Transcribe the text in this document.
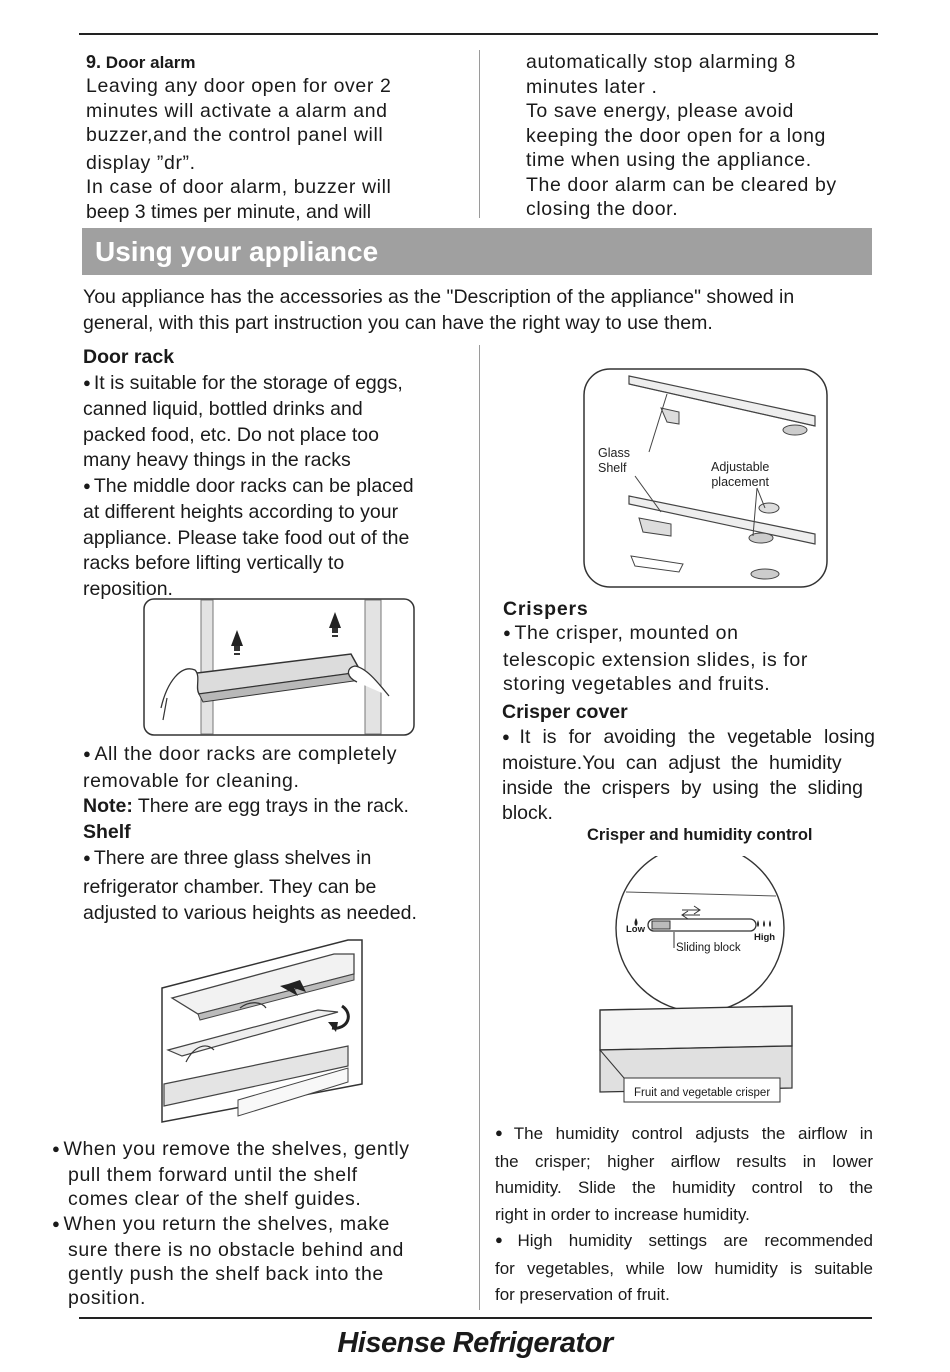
9. Door alarm
Leaving any door open for over 2
minutes will activate a alarm and
buzzer,and the control panel will
display ”dr”.
In case of door alarm, buzzer will
beep 3 times per minute, and will
automatically stop alarming 8
minutes later .
To save energy, please avoid
keeping the door open for a long
time when using the appliance.
The door alarm can be cleared by
closing the door.
Using your appliance
You appliance has the accessories as the "Description of the appliance" showed in
general, with this part instruction you can have the right way to use them.
Door rack
● It is suitable for the storage of eggs,
canned liquid, bottled drinks and
packed food, etc. Do not place too
many heavy things in the racks
● The middle door racks can be placed
at different heights according to your
appliance. Please take food out of the
racks before lifting vertically to
reposition.
● All the door racks are completely
removable for cleaning.
Note: There are egg trays in the rack.
Shelf
● There are three glass shelves in
refrigerator chamber. They can be
adjusted to various heights as needed.
● When you remove the shelves, gently
pull them forward until the shelf
comes clear of the shelf guides.
● When you return the shelves, make
sure there is no obstacle behind and
gently push the shelf back into the
position.
Glass
Shelf	Adjustable
placement
Crispers
● The crisper, mounted on
telescopic extension slides, is for
storing vegetables and fruits.
Crisper cover
● It is for avoiding the vegetable losing
moisture.You  can  adjust  the  humidity
inside  the  crispers  by  using  the  sliding
block.
Crisper and humidity control
Low
High
Sliding block
Fruit and vegetable crisper
● The humidity control adjusts the airflow in
the crisper; higher airflow results in lower
humidity. Slide the humidity control to the
right in order to increase humidity.
● High humidity settings are recommended
for vegetables, while low humidity is suitable
for preservation of fruit.
Hisense Refrigerator
